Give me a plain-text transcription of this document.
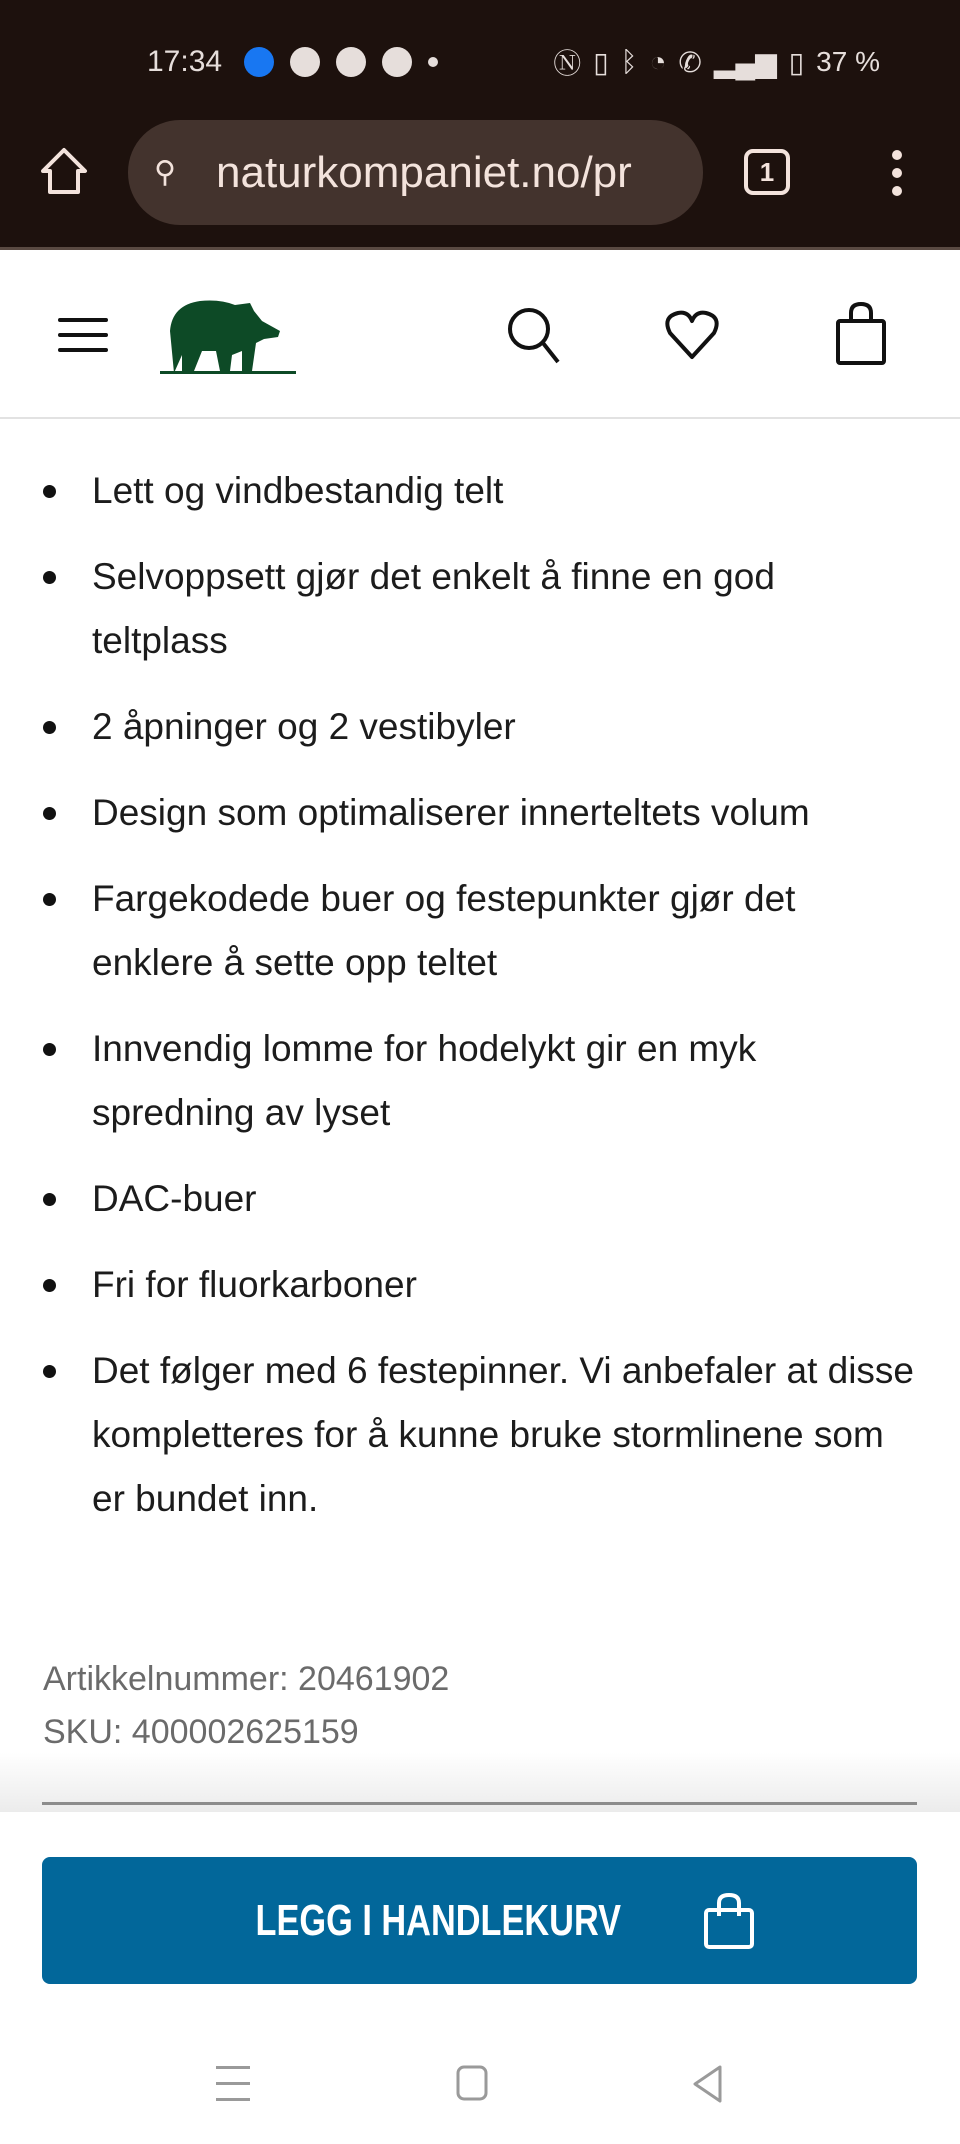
17:34	Ⓝ ▯ ᛒ ◔ ✆ ▂▄▆ ▯ 37 %
⚲ naturkompaniet.no/pr	1
Lett og vindbestandig telt
Selvoppsett gjør det enkelt å finne en god teltplass
2 åpninger og 2 vestibyler
Design som optimaliserer innerteltets volum
Fargekodede buer og festepunkter gjør det enklere å sette opp teltet
Innvendig lomme for hodelykt gir en myk spredning av lyset
DAC-buer
Fri for fluorkarboner
Det følger med 6 festepinner. Vi anbefaler at disse kompletteres for å kunne bruke stormlinene som er bundet inn.
Artikkelnummer: 20461902
SKU: 400002625159
LEGG I HANDLEKURV
